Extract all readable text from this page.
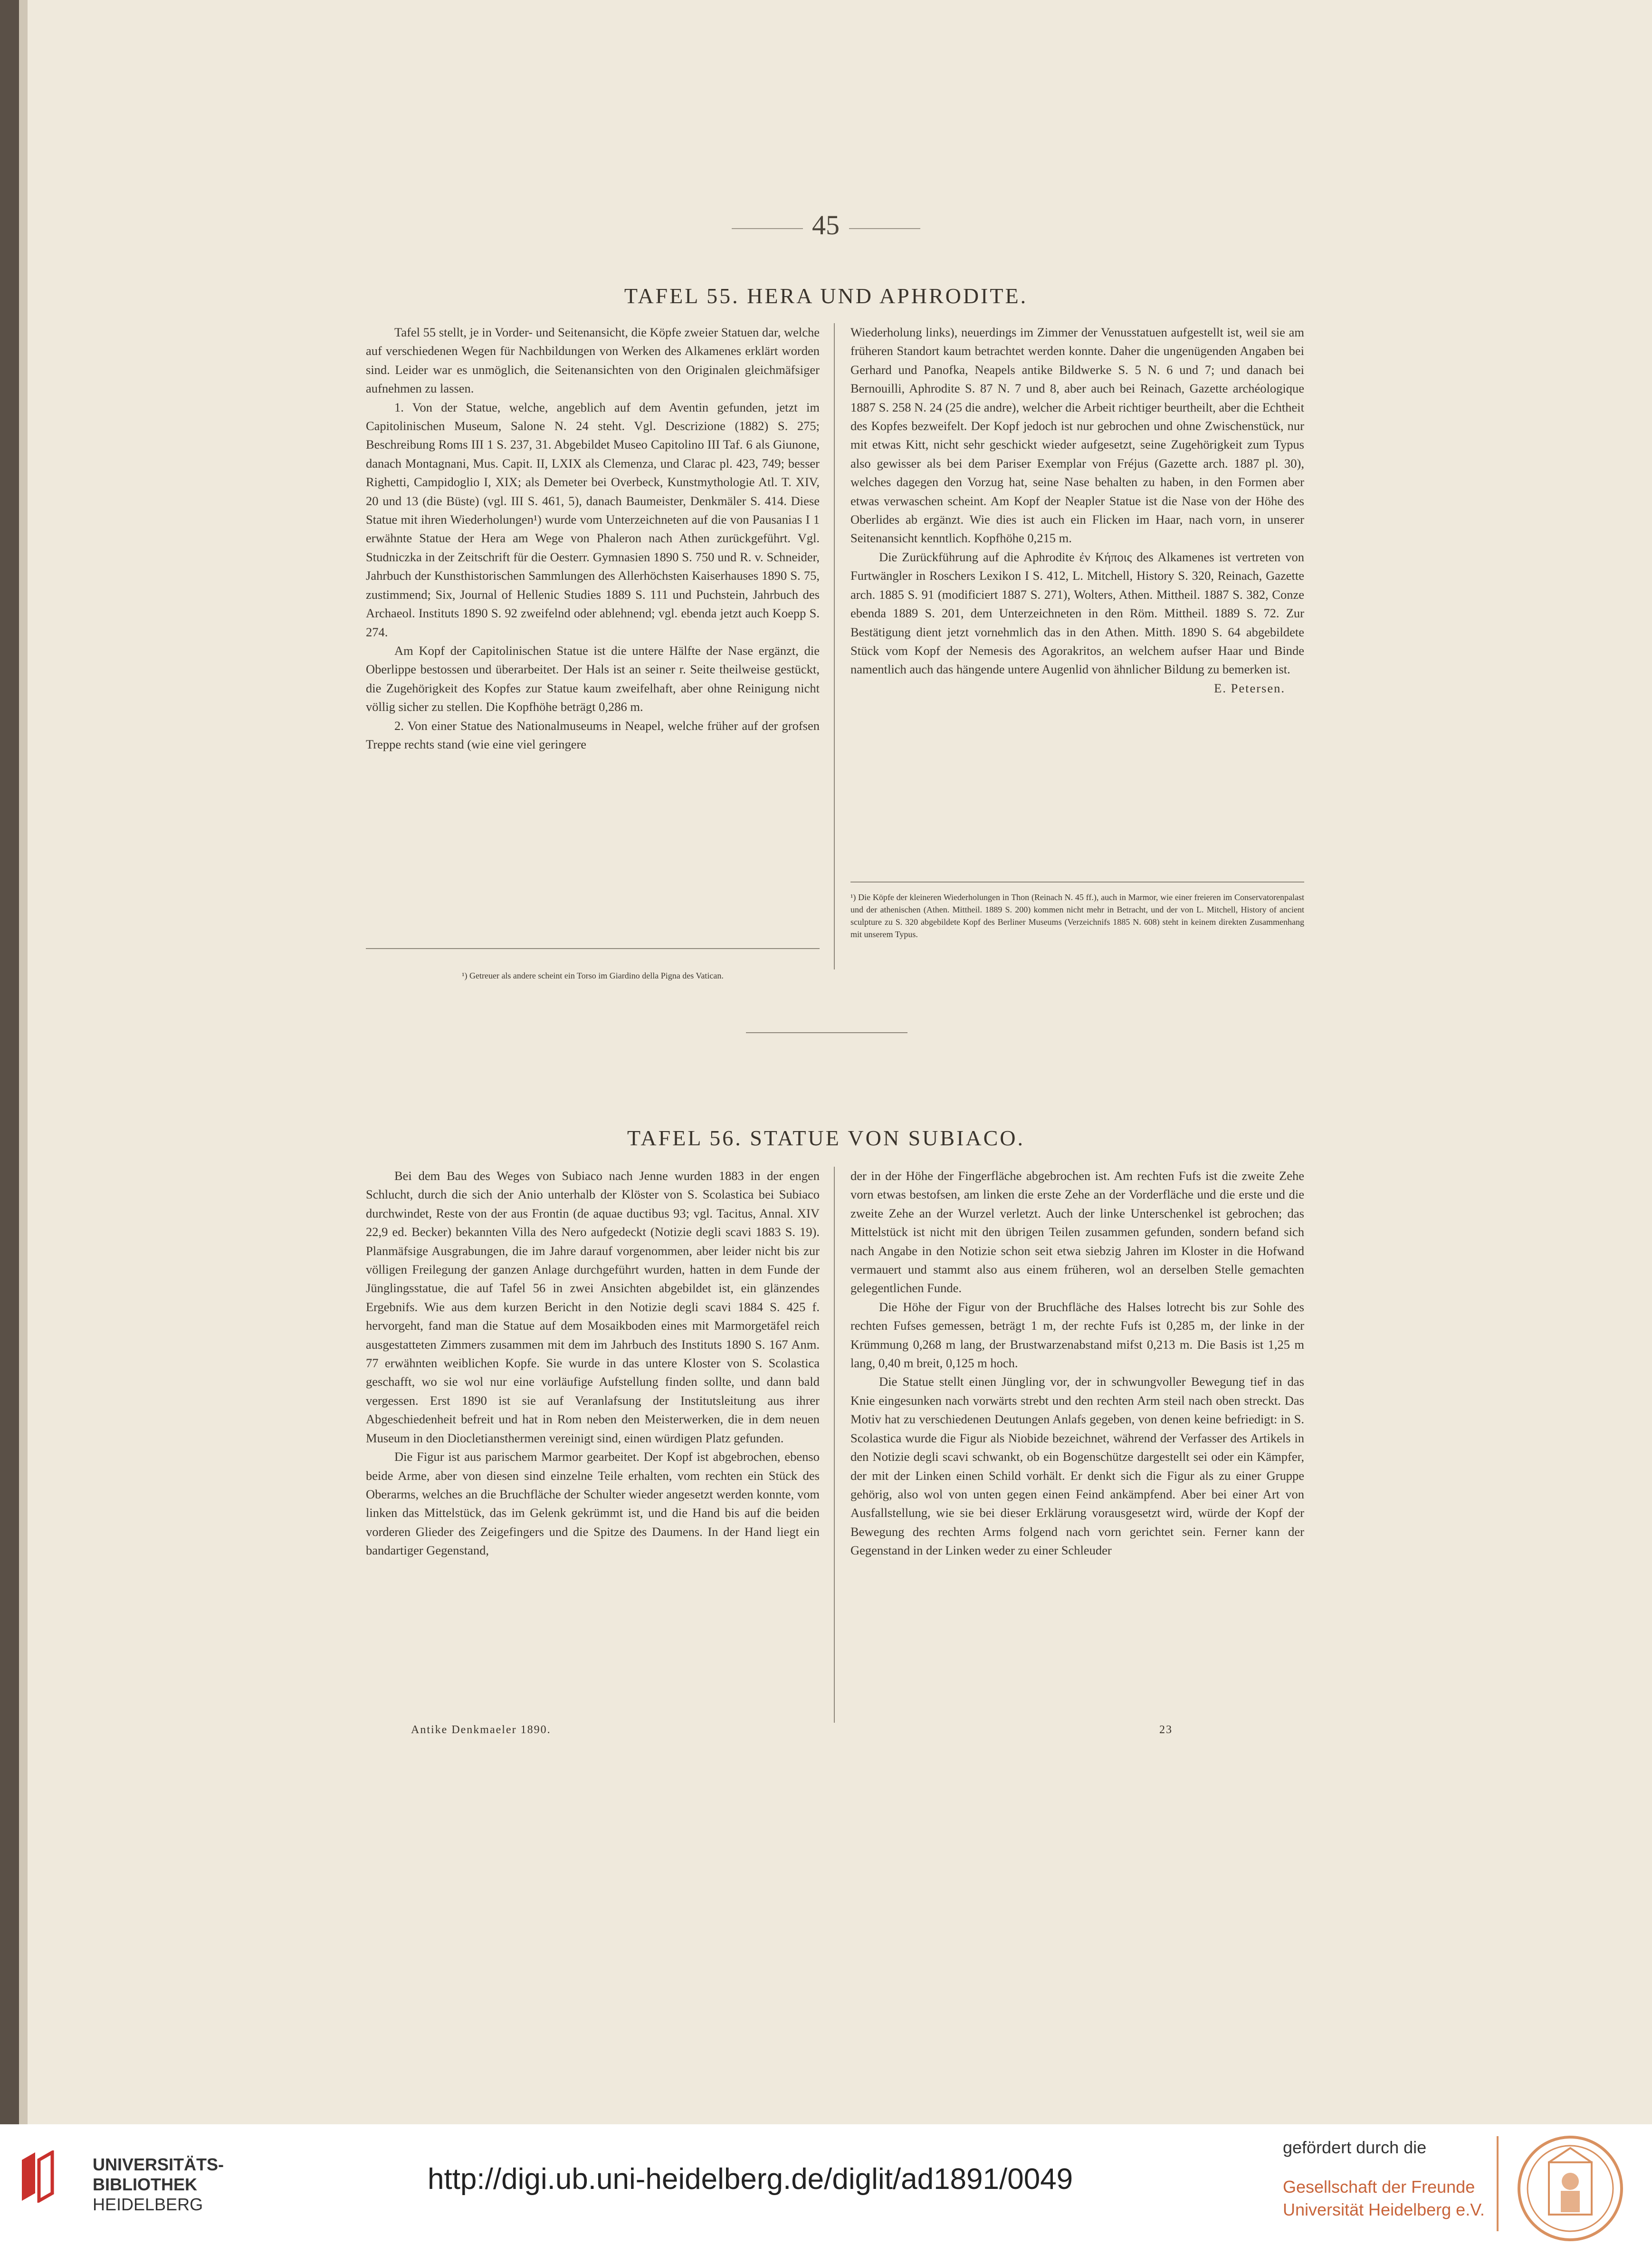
45
TAFEL 55. HERA UND APHRODITE.

Tafel 55 stellt, je in Vorder- und Seitenansicht, die Köpfe zweier Statuen dar, welche auf verschiedenen Wegen für Nachbildungen von Werken des Alkamenes erklärt worden sind. Leider war es unmöglich, die Seitenansichten von den Originalen gleichmäfsiger aufnehmen zu lassen.

1. Von der Statue, welche, angeblich auf dem Aventin gefunden, jetzt im Capitolinischen Museum, Salone N. 24 steht. Vgl. Descrizione (1882) S. 275; Beschreibung Roms III 1 S. 237, 31. Abgebildet Museo Capitolino III Taf. 6 als Giunone, danach Montagnani, Mus. Capit. II, LXIX als Clemenza, und Clarac pl. 423, 749; besser Righetti, Campidoglio I, XIX; als Demeter bei Overbeck, Kunstmythologie Atl. T. XIV, 20 und 13 (die Büste) (vgl. III S. 461, 5), danach Baumeister, Denkmäler S. 414. Diese Statue mit ihren Wiederholungen¹) wurde vom Unterzeichneten auf die von Pausanias I 1 erwähnte Statue der Hera am Wege von Phaleron nach Athen zurückgeführt. Vgl. Studniczka in der Zeitschrift für die Oesterr. Gymnasien 1890 S. 750 und R. v. Schneider, Jahrbuch der Kunsthistorischen Sammlungen des Allerhöchsten Kaiserhauses 1890 S. 75, zustimmend; Six, Journal of Hellenic Studies 1889 S. 111 und Puchstein, Jahrbuch des Archaeol. Instituts 1890 S. 92 zweifelnd oder ablehnend; vgl. ebenda jetzt auch Koepp S. 274.

Am Kopf der Capitolinischen Statue ist die untere Hälfte der Nase ergänzt, die Oberlippe bestossen und überarbeitet. Der Hals ist an seiner r. Seite theilweise gestückt, die Zugehörigkeit des Kopfes zur Statue kaum zweifelhaft, aber ohne Reinigung nicht völlig sicher zu stellen. Die Kopfhöhe beträgt 0,286 m.

2. Von einer Statue des Nationalmuseums in Neapel, welche früher auf der grofsen Treppe rechts stand (wie eine viel geringere

¹) Getreuer als andere scheint ein Torso im Giardino della Pigna des Vatican.

Wiederholung links), neuerdings im Zimmer der Venusstatuen aufgestellt ist, weil sie am früheren Standort kaum betrachtet werden konnte. Daher die ungenügenden Angaben bei Gerhard und Panofka, Neapels antike Bildwerke S. 5 N. 6 und 7; und danach bei Bernouilli, Aphrodite S. 87 N. 7 und 8, aber auch bei Reinach, Gazette archéologique 1887 S. 258 N. 24 (25 die andre), welcher die Arbeit richtiger beurtheilt, aber die Echtheit des Kopfes bezweifelt. Der Kopf jedoch ist nur gebrochen und ohne Zwischenstück, nur mit etwas Kitt, nicht sehr geschickt wieder aufgesetzt, seine Zugehörigkeit zum Typus also gewisser als bei dem Pariser Exemplar von Fréjus (Gazette arch. 1887 pl. 30), welches dagegen den Vorzug hat, seine Nase behalten zu haben, in den Formen aber etwas verwaschen scheint. Am Kopf der Neapler Statue ist die Nase von der Höhe des Oberlides ab ergänzt. Wie dies ist auch ein Flicken im Haar, nach vorn, in unserer Seitenansicht kenntlich. Kopfhöhe 0,215 m.

Die Zurückführung auf die Aphrodite ἐν Κήποις des Alkamenes ist vertreten von Furtwängler in Roschers Lexikon I S. 412, L. Mitchell, History S. 320, Reinach, Gazette arch. 1885 S. 91 (modificiert 1887 S. 271), Wolters, Athen. Mittheil. 1887 S. 382, Conze ebenda 1889 S. 201, dem Unterzeichneten in den Röm. Mittheil. 1889 S. 72. Zur Bestätigung dient jetzt vornehmlich das in den Athen. Mitth. 1890 S. 64 abgebildete Stück vom Kopf der Nemesis des Agorakritos, an welchem aufser Haar und Binde namentlich auch das hängende untere Augenlid von ähnlicher Bildung zu bemerken ist.

E. Petersen.

¹) Die Köpfe der kleineren Wiederholungen in Thon (Reinach N. 45 ff.), auch in Marmor, wie einer freieren im Conservatorenpalast und der athenischen (Athen. Mittheil. 1889 S. 200) kommen nicht mehr in Betracht, und der von L. Mitchell, History of ancient sculpture zu S. 320 abgebildete Kopf des Berliner Museums (Verzeichnifs 1885 N. 608) steht in keinem direkten Zusammenhang mit unserem Typus.
TAFEL 56. STATUE VON SUBIACO.

Bei dem Bau des Weges von Subiaco nach Jenne wurden 1883 in der engen Schlucht, durch die sich der Anio unterhalb der Klöster von S. Scolastica bei Subiaco durchwindet, Reste von der aus Frontin (de aquae ductibus 93; vgl. Tacitus, Annal. XIV 22,9 ed. Becker) bekannten Villa des Nero aufgedeckt (Notizie degli scavi 1883 S. 19). Planmäfsige Ausgrabungen, die im Jahre darauf vorgenommen, aber leider nicht bis zur völligen Freilegung der ganzen Anlage durchgeführt wurden, hatten in dem Funde der Jünglingsstatue, die auf Tafel 56 in zwei Ansichten abgebildet ist, ein glänzendes Ergebnifs. Wie aus dem kurzen Bericht in den Notizie degli scavi 1884 S. 425 f. hervorgeht, fand man die Statue auf dem Mosaikboden eines mit Marmorgetäfel reich ausgestatteten Zimmers zusammen mit dem im Jahrbuch des Instituts 1890 S. 167 Anm. 77 erwähnten weiblichen Kopfe. Sie wurde in das untere Kloster von S. Scolastica geschafft, wo sie wol nur eine vorläufige Aufstellung finden sollte, und dann bald vergessen. Erst 1890 ist sie auf Veranlafsung der Institutsleitung aus ihrer Abgeschiedenheit befreit und hat in Rom neben den Meisterwerken, die in dem neuen Museum in den Diocletiansthermen vereinigt sind, einen würdigen Platz gefunden.

Die Figur ist aus parischem Marmor gearbeitet. Der Kopf ist abgebrochen, ebenso beide Arme, aber von diesen sind einzelne Teile erhalten, vom rechten ein Stück des Oberarms, welches an die Bruchfläche der Schulter wieder angesetzt werden konnte, vom linken das Mittelstück, das im Gelenk gekrümmt ist, und die Hand bis auf die beiden vorderen Glieder des Zeigefingers und die Spitze des Daumens. In der Hand liegt ein bandartiger Gegenstand,

der in der Höhe der Fingerfläche abgebrochen ist. Am rechten Fufs ist die zweite Zehe vorn etwas bestofsen, am linken die erste Zehe an der Vorderfläche und die erste und die zweite Zehe an der Wurzel verletzt. Auch der linke Unterschenkel ist gebrochen; das Mittelstück ist nicht mit den übrigen Teilen zusammen gefunden, sondern befand sich nach Angabe in den Notizie schon seit etwa siebzig Jahren im Kloster in die Hofwand vermauert und stammt also aus einem früheren, wol an derselben Stelle gemachten gelegentlichen Funde.

Die Höhe der Figur von der Bruchfläche des Halses lotrecht bis zur Sohle des rechten Fufses gemessen, beträgt 1 m, der rechte Fufs ist 0,285 m, der linke in der Krümmung 0,268 m lang, der Brustwarzenabstand mifst 0,213 m. Die Basis ist 1,25 m lang, 0,40 m breit, 0,125 m hoch.

Die Statue stellt einen Jüngling vor, der in schwungvoller Bewegung tief in das Knie eingesunken nach vorwärts strebt und den rechten Arm steil nach oben streckt. Das Motiv hat zu verschiedenen Deutungen Anlafs gegeben, von denen keine befriedigt: in S. Scolastica wurde die Figur als Niobide bezeichnet, während der Verfasser des Artikels in den Notizie degli scavi schwankt, ob ein Bogenschütze dargestellt sei oder ein Kämpfer, der mit der Linken einen Schild vorhält. Er denkt sich die Figur als zu einer Gruppe gehörig, also wol von unten gegen einen Feind ankämpfend. Aber bei einer Art von Ausfallstellung, wie sie bei dieser Erklärung vorausgesetzt wird, würde der Kopf der Bewegung des rechten Arms folgend nach vorn gerichtet sein. Ferner kann der Gegenstand in der Linken weder zu einer Schleuder

Antike Denkmaeler 1890.	23
UNIVERSITÄTS-
BIBLIOTHEK
HEIDELBERG
http://digi.ub.uni-heidelberg.de/diglit/ad1891/0049
gefördert durch die
Gesellschaft der Freunde
Universität Heidelberg e.V.
